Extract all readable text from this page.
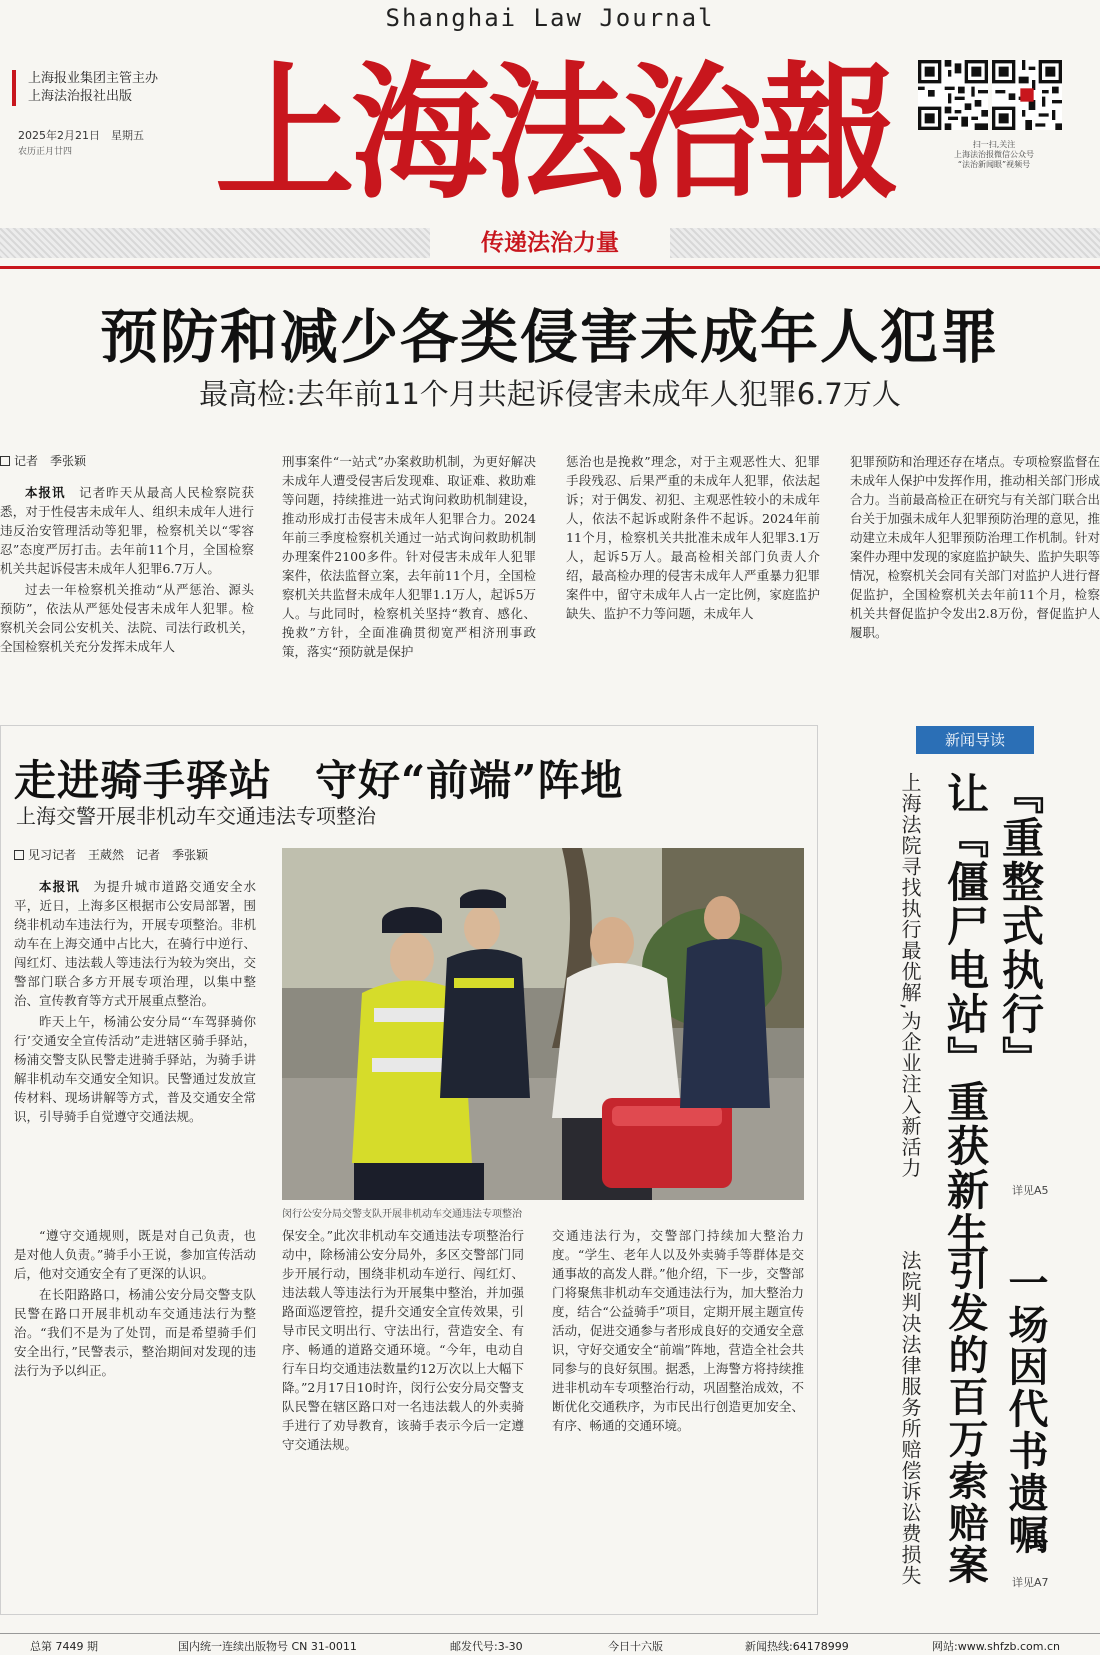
Shanghai Law Journal
上海报业集团主管主办
上海法治报社出版
2025年2月21日　星期五
农历正月廿四 上海法治報	扫一扫,关注
上海法治报微信公众号
“法治新闻眼”视频号
传递法治力量
预防和减少各类侵害未成年人犯罪
最高检:去年前11个月共起诉侵害未成年人犯罪6.7万人
记者　季张颖

本报讯　 记者昨天从最高人民检察院获悉，对于性侵害未成年人、组织未成年人进行违反治安管理活动等犯罪，检察机关以“零容忍”态度严厉打击。去年前11个月，全国检察机关共起诉侵害未成年人犯罪6.7万人。

过去一年检察机关推动“从严惩治、源头预防”，依法从严惩处侵害未成年人犯罪。检察机关会同公安机关、法院、司法行政机关，全国检察机关充分发挥未成年人

刑事案件“一站式”办案救助机制，为更好解决未成年人遭受侵害后发现难、取证难、救助难等问题，持续推进一站式询问救助机制建设，推动形成打击侵害未成年人犯罪合力。2024年前三季度检察机关通过一站式询问救助机制办理案件2100多件。针对侵害未成年人犯罪案件，依法监督立案，去年前11个月，全国检察机关共监督未成年人犯罪1.1万人，起诉5万人。与此同时，检察机关坚持“教育、感化、挽救”方针，全面准确贯彻宽严相济刑事政策，落实“预防就是保护

惩治也是挽救”理念，对于主观恶性大、犯罪手段残忍、后果严重的未成年人犯罪，依法起诉；对于偶发、初犯、主观恶性较小的未成年人，依法不起诉或附条件不起诉。2024年前11个月，检察机关共批准未成年人犯罪3.1万人，起诉5万人。最高检相关部门负责人介绍，最高检办理的侵害未成年人严重暴力犯罪案件中，留守未成年人占一定比例，家庭监护缺失、监护不力等问题，未成年人

犯罪预防和治理还存在堵点。专项检察监督在未成年人保护中发挥作用，推动相关部门形成合力。当前最高检正在研究与有关部门联合出台关于加强未成年人犯罪预防治理的意见，推动建立未成年人犯罪预防治理工作机制。针对案件办理中发现的家庭监护缺失、监护失职等情况，检察机关会同有关部门对监护人进行督促监护，全国检察机关去年前11个月，检察机关共督促监护令发出2.8万份，督促监护人履职。

走进骑手驿站　守好“前端”阵地
上海交警开展非机动车交通违法专项整治
见习记者　王葳然　记者　季张颖

本报讯　 为提升城市道路交通安全水平，近日，上海多区根据市公安局部署，围绕非机动车违法行为，开展专项整治。非机动车在上海交通中占比大，在骑行中逆行、闯红灯、违法载人等违法行为较为突出，交警部门联合多方开展专项治理，以集中整治、宣传教育等方式开展重点整治。

昨天上午，杨浦公安分局“‘车驾驿骑你行’交通安全宣传活动”走进辖区骑手驿站，杨浦交警支队民警走进骑手驿站，为骑手讲解非机动车交通安全知识。民警通过发放宣传材料、现场讲解等方式，普及交通安全常识，引导骑手自觉遵守交通法规。

闵行公安分局交警支队开展非机动车交通违法专项整治

“遵守交通规则，既是对自己负责，也是对他人负责。”骑手小王说，参加宣传活动后，他对交通安全有了更深的认识。

在长阳路路口，杨浦公安分局交警支队民警在路口开展非机动车交通违法行为整治。“我们不是为了处罚，而是希望骑手们安全出行，”民警表示，整治期间对发现的违法行为予以纠正。

保安全。”此次非机动车交通违法专项整治行动中，除杨浦公安分局外，多区交警部门同步开展行动，围绕非机动车逆行、闯红灯、违法载人等违法行为开展集中整治，并加强路面巡逻管控，提升交通安全宣传效果，引导市民文明出行、守法出行，营造安全、有序、畅通的道路交通环境。“今年，电动自行车日均交通违法数量约12万次以上大幅下降。”2月17日10时许，闵行公安分局交警支队民警在辖区路口对一名违法载人的外卖骑手进行了劝导教育，该骑手表示今后一定遵守交通法规。

交通违法行为，交警部门持续加大整治力度。“学生、老年人以及外卖骑手等群体是交通事故的高发人群。”他介绍，下一步，交警部门将聚焦非机动车交通违法行为，加大整治力度，结合“公益骑手”项目，定期开展主题宣传活动，促进交通参与者形成良好的交通安全意识，守好交通安全“前端”阵地，营造全社会共同参与的良好氛围。据悉，上海警方将持续推进非机动车专项整治行动，巩固整治成效，不断优化交通秩序，为市民出行创造更加安全、有序、畅通的交通环境。

新闻导读
『重整式执行』
让『僵尸电站』重获新生
上海法院寻找执行最优解,为企业注入新活力
详见A5
一场因代书遗嘱
引发的百万索赔案
法院判决法律服务所赔偿诉讼费损失	详见A7
总第 7449 期	国内统一连续出版物号 CN 31-0011	邮发代号:3-30	今日十六版	新闻热线:64178999	网站:www.shfzb.com.cn
